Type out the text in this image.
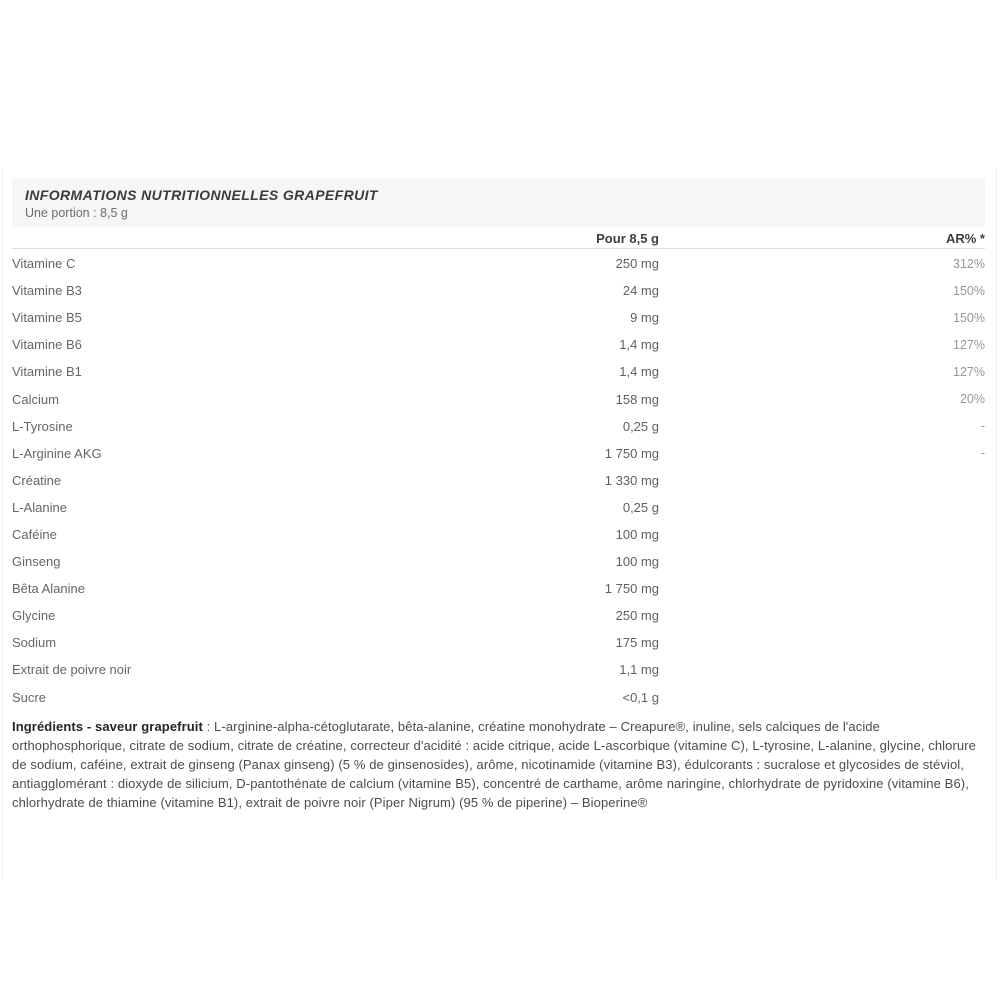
INFORMATIONS NUTRITIONNELLES GRAPEFRUIT
Une portion : 8,5 g
Pour 8,5 g	AR% *
Vitamine C	250 mg	312%
Vitamine B3	24 mg	150%
Vitamine B5	9 mg	150%
Vitamine B6	1,4 mg	127%
Vitamine B1	1,4 mg	127%
Calcium	158 mg	20%
L-Tyrosine	0,25 g	-
L-Arginine AKG	1 750 mg	-
Créatine	1 330 mg
L-Alanine	0,25 g
Caféine	100 mg
Ginseng	100 mg
Bêta Alanine	1 750 mg
Glycine	250 mg
Sodium	175 mg
Extrait de poivre noir	1,1 mg
Sucre	<0,1 g

Ingrédients - saveur grapefruit : L-arginine-alpha-cétoglutarate, bêta-alanine, créatine monohydrate – Creapure®, inuline, sels calciques de l'acide orthophosphorique, citrate de sodium, citrate de créatine, correcteur d'acidité : acide citrique, acide L-ascorbique (vitamine C), L-tyrosine, L-alanine, glycine, chlorure de sodium, caféine, extrait de ginseng (Panax ginseng) (5 % de ginsenosides), arôme, nicotinamide (vitamine B3), édulcorants : sucralose et glycosides de stéviol, antiagglomérant : dioxyde de silicium, D-pantothénate de calcium (vitamine B5), concentré de carthame, arôme naringine, chlorhydrate de pyridoxine (vitamine B6), chlorhydrate de thiamine (vitamine B1), extrait de poivre noir (Piper Nigrum) (95 % de piperine) – Bioperine®
